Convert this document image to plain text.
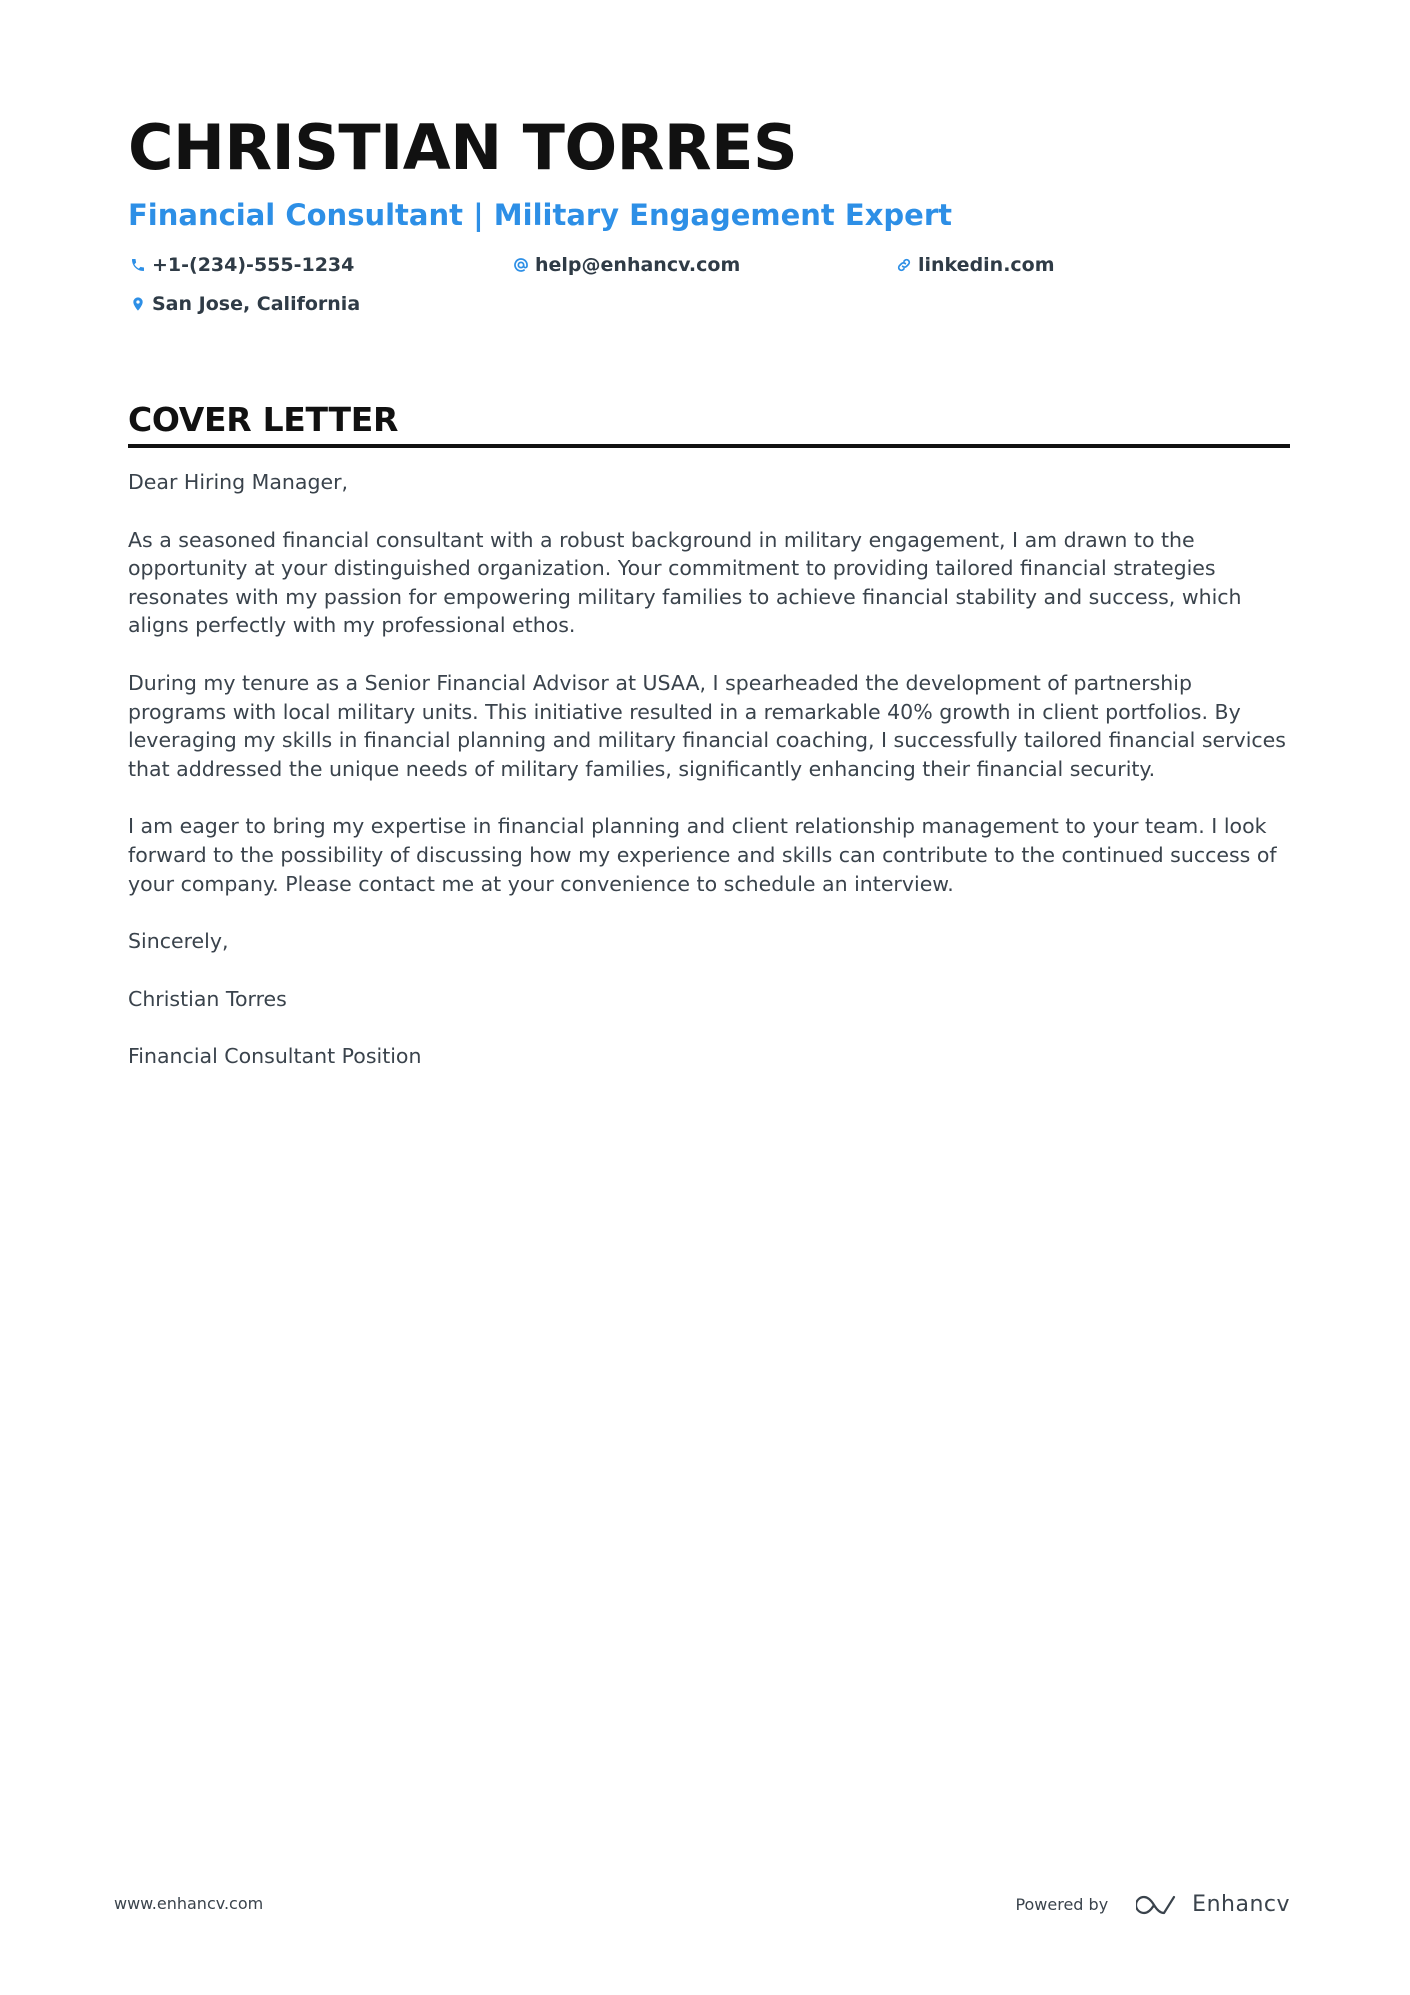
CHRISTIAN TORRES
Financial Consultant | Military Engagement Expert
+1-(234)-555-1234	help@enhancv.com	linkedin.com
San Jose, California
COVER LETTER

Dear Hiring Manager,

As a seasoned financial consultant with a robust background in military engagement, I am drawn to the opportunity at your distinguished organization. Your commitment to providing tailored financial strategies resonates with my passion for empowering military families to achieve financial stability and success, which aligns perfectly with my professional ethos.

During my tenure as a Senior Financial Advisor at USAA, I spearheaded the development of partnership programs with local military units. This initiative resulted in a remarkable 40% growth in client portfolios. By leveraging my skills in financial planning and military financial coaching, I successfully tailored financial services that addressed the unique needs of military families, significantly enhancing their financial security.

I am eager to bring my expertise in financial planning and client relationship management to your team. I look forward to the possibility of discussing how my experience and skills can contribute to the continued success of your company. Please contact me at your convenience to schedule an interview.

Sincerely,

Christian Torres

Financial Consultant Position

www.enhancv.com	Powered by	Enhancv
